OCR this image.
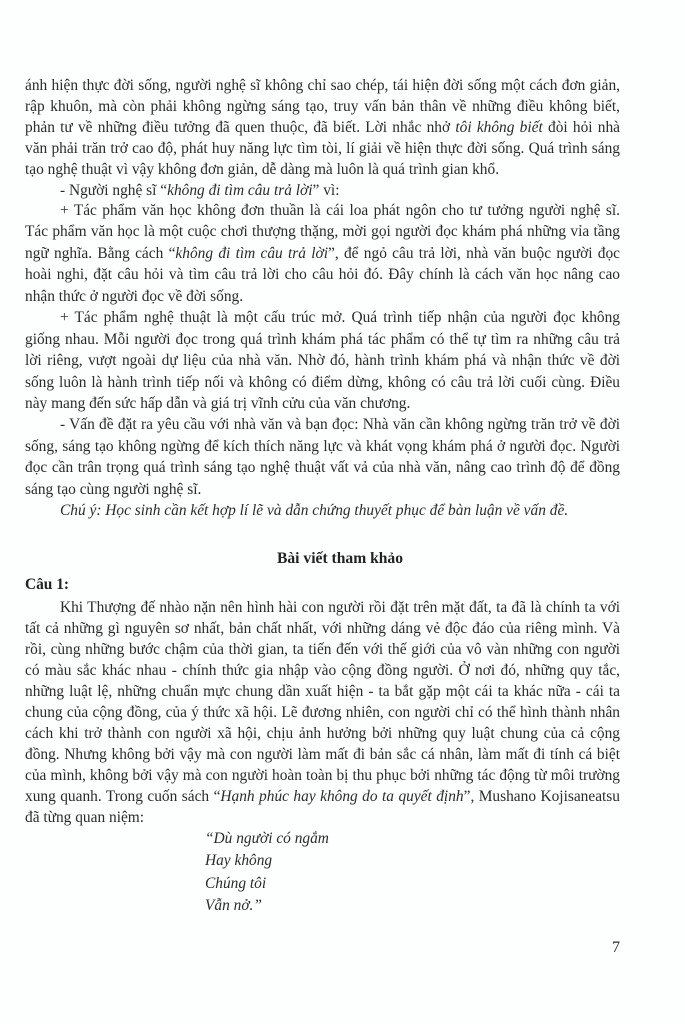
ánh hiện thực đời sống, người nghệ sĩ không chỉ sao chép, tái hiện đời sống một cách đơn giản,
rập khuôn, mà còn phải không ngừng sáng tạo, truy vấn bản thân về những điều không biết,
phản tư về những điều tưởng đã quen thuộc, đã biết. Lời nhắc nhở tôi không biết đòi hỏi nhà
văn phải trăn trở cao độ, phát huy năng lực tìm tòi, lí giải về hiện thực đời sống. Quá trình sáng
tạo nghệ thuật vì vậy không đơn giản, dễ dàng mà luôn là quá trình gian khổ.
- Người nghệ sĩ “không đi tìm câu trả lời” vì:
+ Tác phẩm văn học không đơn thuần là cái loa phát ngôn cho tư tưởng người nghệ sĩ.
Tác phẩm văn học là một cuộc chơi thượng thặng, mời gọi người đọc khám phá những vỉa tầng
ngữ nghĩa. Bằng cách “không đi tìm câu trả lời”, để ngỏ câu trả lời, nhà văn buộc người đọc
hoài nghi, đặt câu hỏi và tìm câu trả lời cho câu hỏi đó. Đây chính là cách văn học nâng cao
nhận thức ở người đọc về đời sống.
+ Tác phẩm nghệ thuật là một cấu trúc mở. Quá trình tiếp nhận của người đọc không
giống nhau. Mỗi người đọc trong quá trình khám phá tác phẩm có thể tự tìm ra những câu trả
lời riêng, vượt ngoài dự liệu của nhà văn. Nhờ đó, hành trình khám phá và nhận thức về đời
sống luôn là hành trình tiếp nối và không có điểm dừng, không có câu trả lời cuối cùng. Điều
này mang đến sức hấp dẫn và giá trị vĩnh cửu của văn chương.
- Vấn đề đặt ra yêu cầu với nhà văn và bạn đọc: Nhà văn cần không ngừng trăn trở về đời
sống, sáng tạo không ngừng để kích thích năng lực và khát vọng khám phá ở người đọc. Người
đọc cần trân trọng quá trình sáng tạo nghệ thuật vất vả của nhà văn, nâng cao trình độ để đồng
sáng tạo cùng người nghệ sĩ.
Chú ý: Học sinh cần kết hợp lí lẽ và dẫn chứng thuyết phục để bàn luận về vấn đề.
Bài viết tham khảo
Câu 1:
Khi Thượng đế nhào nặn nên hình hài con người rồi đặt trên mặt đất, ta đã là chính ta với
tất cả những gì nguyên sơ nhất, bản chất nhất, với những dáng vẻ độc đáo của riêng mình. Và
rồi, cùng những bước chậm của thời gian, ta tiến đến với thế giới của vô vàn những con người
có màu sắc khác nhau - chính thức gia nhập vào cộng đồng người. Ở nơi đó, những quy tắc,
những luật lệ, những chuẩn mực chung dần xuất hiện - ta bắt gặp một cái ta khác nữa - cái ta
chung của cộng đồng, của ý thức xã hội. Lẽ đương nhiên, con người chỉ có thể hình thành nhân
cách khi trở thành con người xã hội, chịu ảnh hưởng bởi những quy luật chung của cả cộng
đồng. Nhưng không bởi vậy mà con người làm mất đi bản sắc cá nhân, làm mất đi tính cá biệt
của mình, không bởi vậy mà con người hoàn toàn bị thu phục bởi những tác động từ môi trường
xung quanh. Trong cuốn sách “Hạnh phúc hay không do ta quyết định”, Mushano Kojisaneatsu
đã từng quan niệm:
“Dù người có ngắm
Hay không
Chúng tôi
Vẫn nở.”
7
